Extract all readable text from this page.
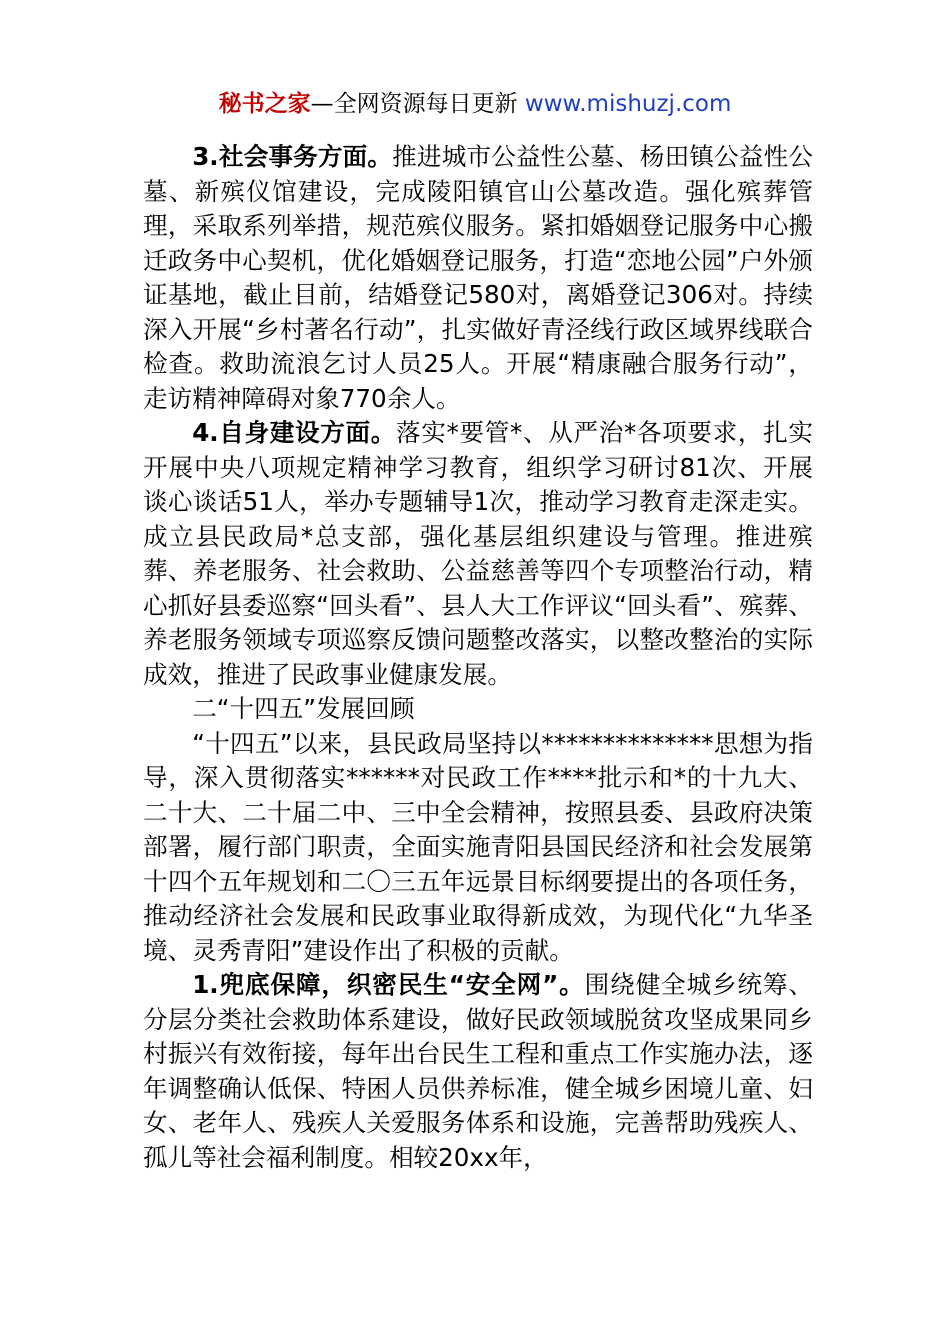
秘书之家—全网资源每日更新 www.mishuzj.com

3.社会事务方面。推进城市公益性公墓、杨田镇公益性公墓、新殡仪馆建设，完成陵阳镇官山公墓改造。强化殡葬管理，采取系列举措，规范殡仪服务。紧扣婚姻登记服务中心搬迁政务中心契机，优化婚姻登记服务，打造“恋地公园”户外颁证基地，截止目前，结婚登记580对，离婚登记306对。持续深入开展“乡村著名行动”，扎实做好青泾线行政区域界线联合检查。救助流浪乞讨人员25人。开展“精康融合服务行动”，走访精神障碍对象770余人。

4.自身建设方面。落实*要管*、从严治*各项要求，扎实开展中央八项规定精神学习教育，组织学习研讨81次、开展谈心谈话51人，举办专题辅导1次，推动学习教育走深走实。成立县民政局*总支部，强化基层组织建设与管理。推进殡葬、养老服务、社会救助、公益慈善等四个专项整治行动，精心抓好县委巡察“回头看”、县人大工作评议“回头看”、殡葬、养老服务领域专项巡察反馈问题整改落实，以整改整治的实际成效，推进了民政事业健康发展。

二“十四五”发展回顾

“十四五”以来，县民政局坚持以**************思想为指导，深入贯彻落实******对民政工作****批示和*的十九大、二十大、二十届二中、三中全会精神，按照县委、县政府决策部署，履行部门职责，全面实施青阳县国民经济和社会发展第十四个五年规划和二〇三五年远景目标纲要提出的各项任务，推动经济社会发展和民政事业取得新成效，为现代化“九华圣境、灵秀青阳”建设作出了积极的贡献。

1.兜底保障，织密民生“安全网”。围绕健全城乡统筹、分层分类社会救助体系建设，做好民政领域脱贫攻坚成果同乡村振兴有效衔接，每年出台民生工程和重点工作实施办法，逐年调整确认低保、特困人员供养标准，健全城乡困境儿童、妇女、老年人、残疾人关爱服务体系和设施，完善帮助残疾人、孤儿等社会福利制度。相较20xx年，
